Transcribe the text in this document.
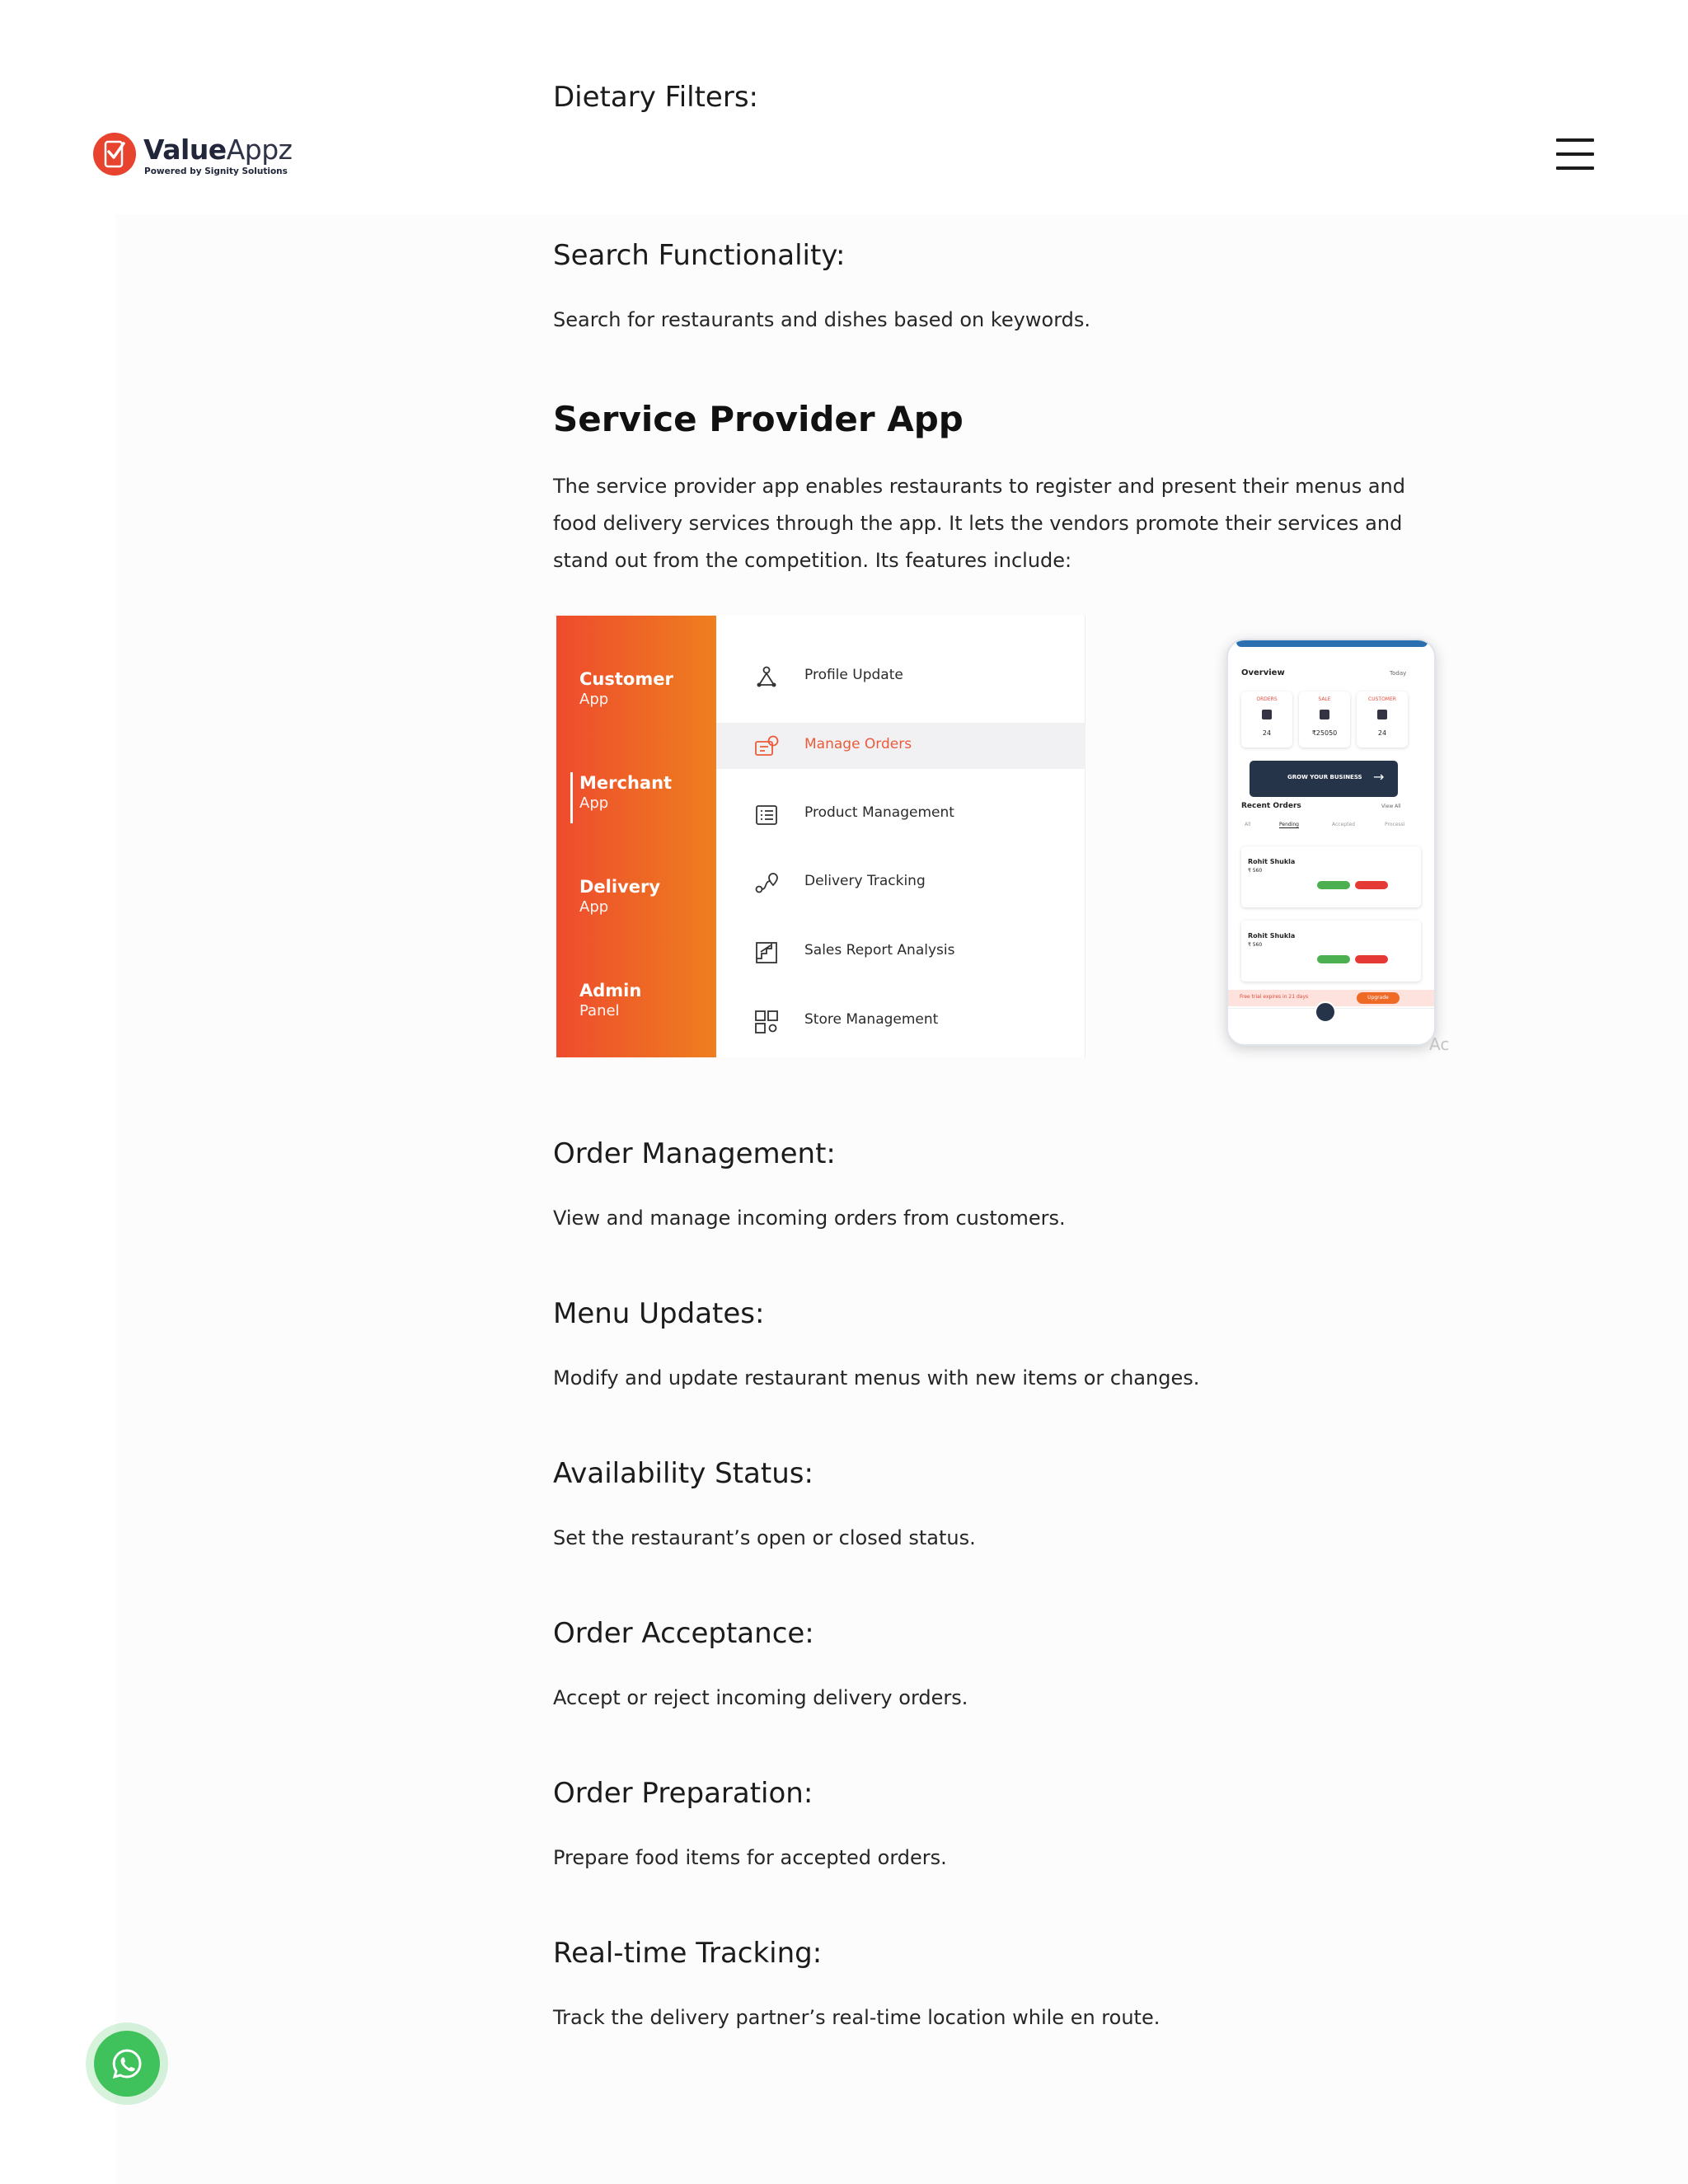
ValueAppz
Powered by Signity Solutions
Dietary Filters:
Search Functionality:

Search for restaurants and dishes based on keywords.

Service Provider App

The service provider app enables restaurants to register and present their menus and food delivery services through the app. It lets the vendors promote their services and stand out from the competition. Its features include:

Order Management:

View and manage incoming orders from customers.

Menu Updates:

Modify and update restaurant menus with new items or changes.

Availability Status:

Set the restaurant’s open or closed status.

Order Acceptance:

Accept or reject incoming delivery orders.

Order Preparation:

Prepare food items for accepted orders.

Real-time Tracking:

Track the delivery partner’s real-time location while en route.

Customer
App
Merchant
App
Delivery
App
Admin
Panel
Profile Update
Manage Orders
Product Management
Delivery Tracking
Sales Report Analysis
Store Management
Overview	Today
ORDERS
24
SALE
₹25050
CUSTOMER
24
GROW YOUR BUSINESS →
Recent Orders	View All
All	Pending	Accepted	Processi
Rohit Shukla
₹ 560
Rohit Shukla
₹ 560
Free trial expires in 21 days	Upgrade
Ac
